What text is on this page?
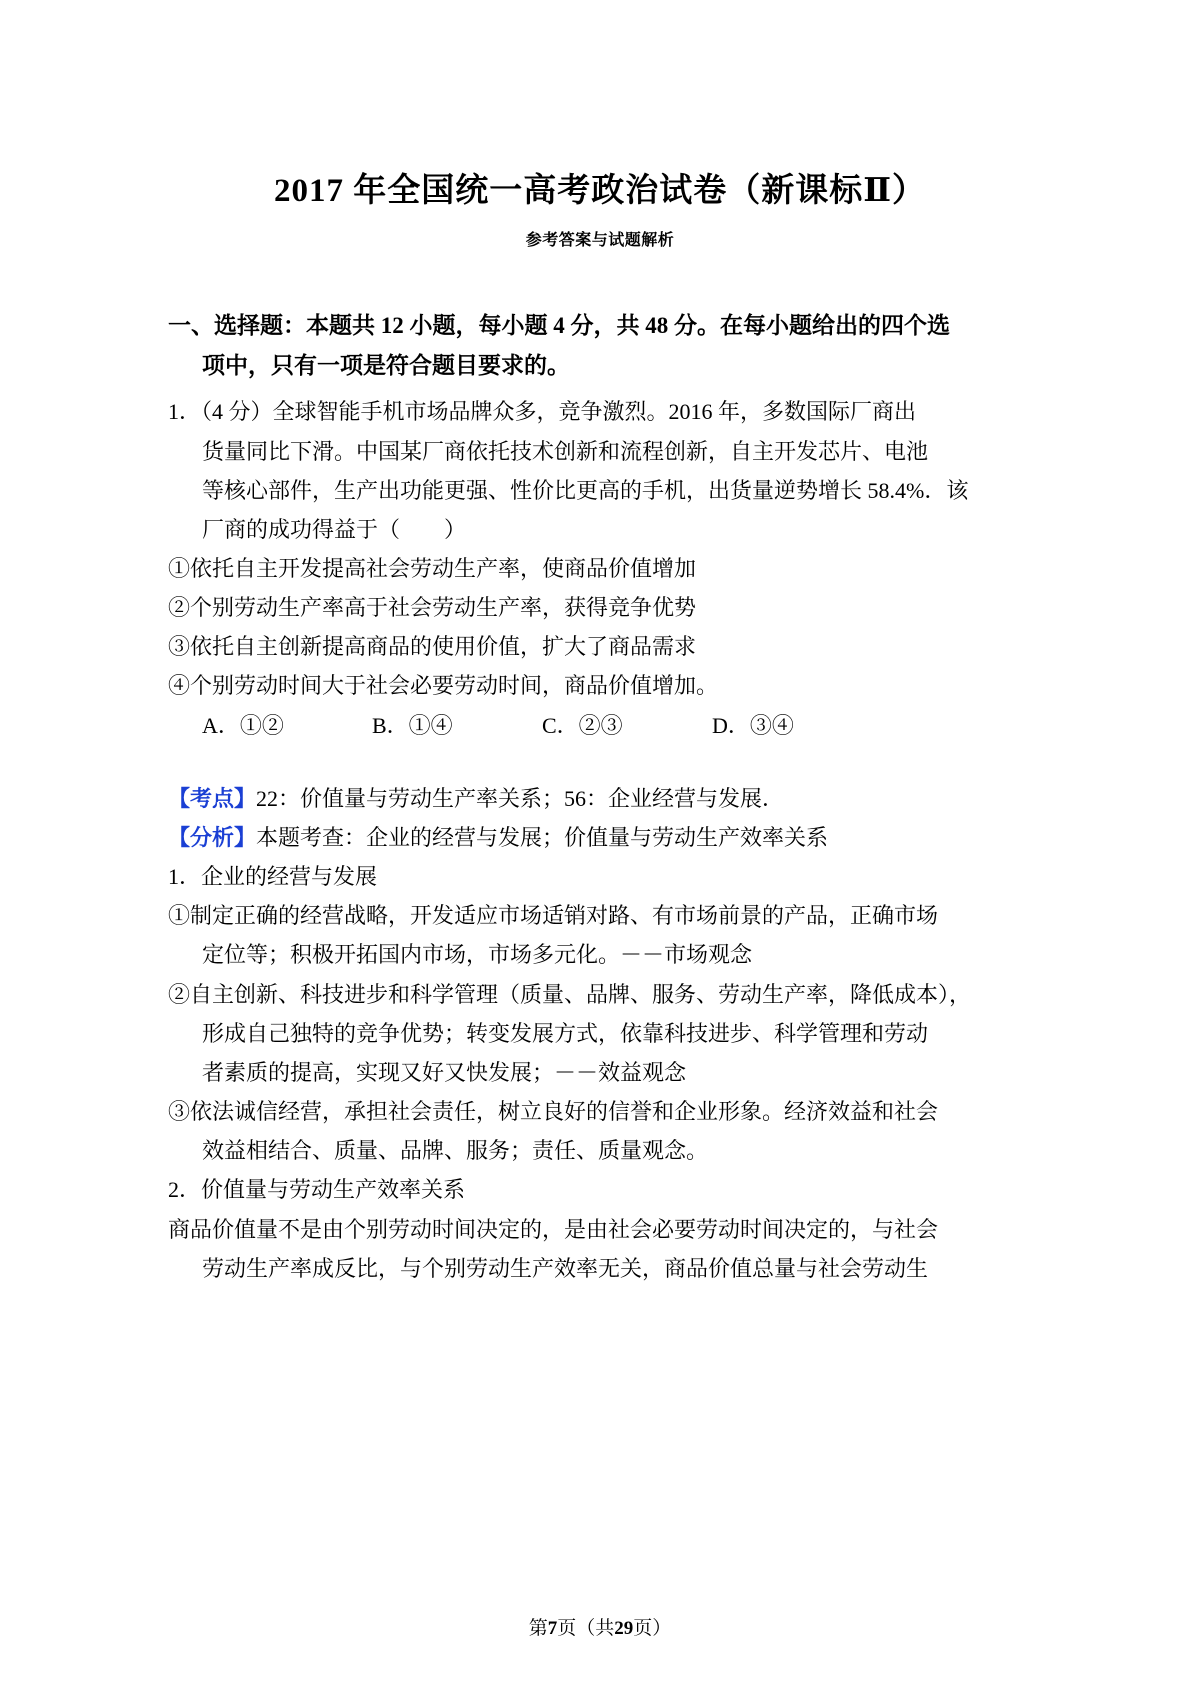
2017 年全国统一高考政治试卷（新课标Ⅱ）
参考答案与试题解析
一、选择题：本题共 12 小题，每小题 4 分，共 48 分。在每小题给出的四个选
项中，只有一项是符合题目要求的。
1．（4 分）全球智能手机市场品牌众多，竞争激烈。2016 年，多数国际厂商出
货量同比下滑。中国某厂商依托技术创新和流程创新，自主开发芯片、电池
等核心部件，生产出功能更强、性价比更高的手机，出货量逆势增长 58.4%．该
厂商的成功得益于（　　）
①依托自主开发提高社会劳动生产率，使商品价值增加
②个别劳动生产率高于社会劳动生产率，获得竞争优势
③依托自主创新提高商品的使用价值，扩大了商品需求
④个别劳动时间大于社会必要劳动时间，商品价值增加。
A．①②	B．①④	C．②③	D．③④
【考点】22：价值量与劳动生产率关系；56：企业经营与发展．
【分析】本题考查：企业的经营与发展；价值量与劳动生产效率关系
1．企业的经营与发展
①制定正确的经营战略，开发适应市场适销对路、有市场前景的产品，正确市场
定位等；积极开拓国内市场，市场多元化。－－市场观念
②自主创新、科技进步和科学管理（质量、品牌、服务、劳动生产率，降低成本），
形成自己独特的竞争优势；转变发展方式，依靠科技进步、科学管理和劳动
者素质的提高，实现又好又快发展；－－效益观念
③依法诚信经营，承担社会责任，树立良好的信誉和企业形象。经济效益和社会
效益相结合、质量、品牌、服务；责任、质量观念。
2．价值量与劳动生产效率关系
商品价值量不是由个别劳动时间决定的，是由社会必要劳动时间决定的，与社会
劳动生产率成反比，与个别劳动生产效率无关，商品价值总量与社会劳动生
第7页（共29页）
